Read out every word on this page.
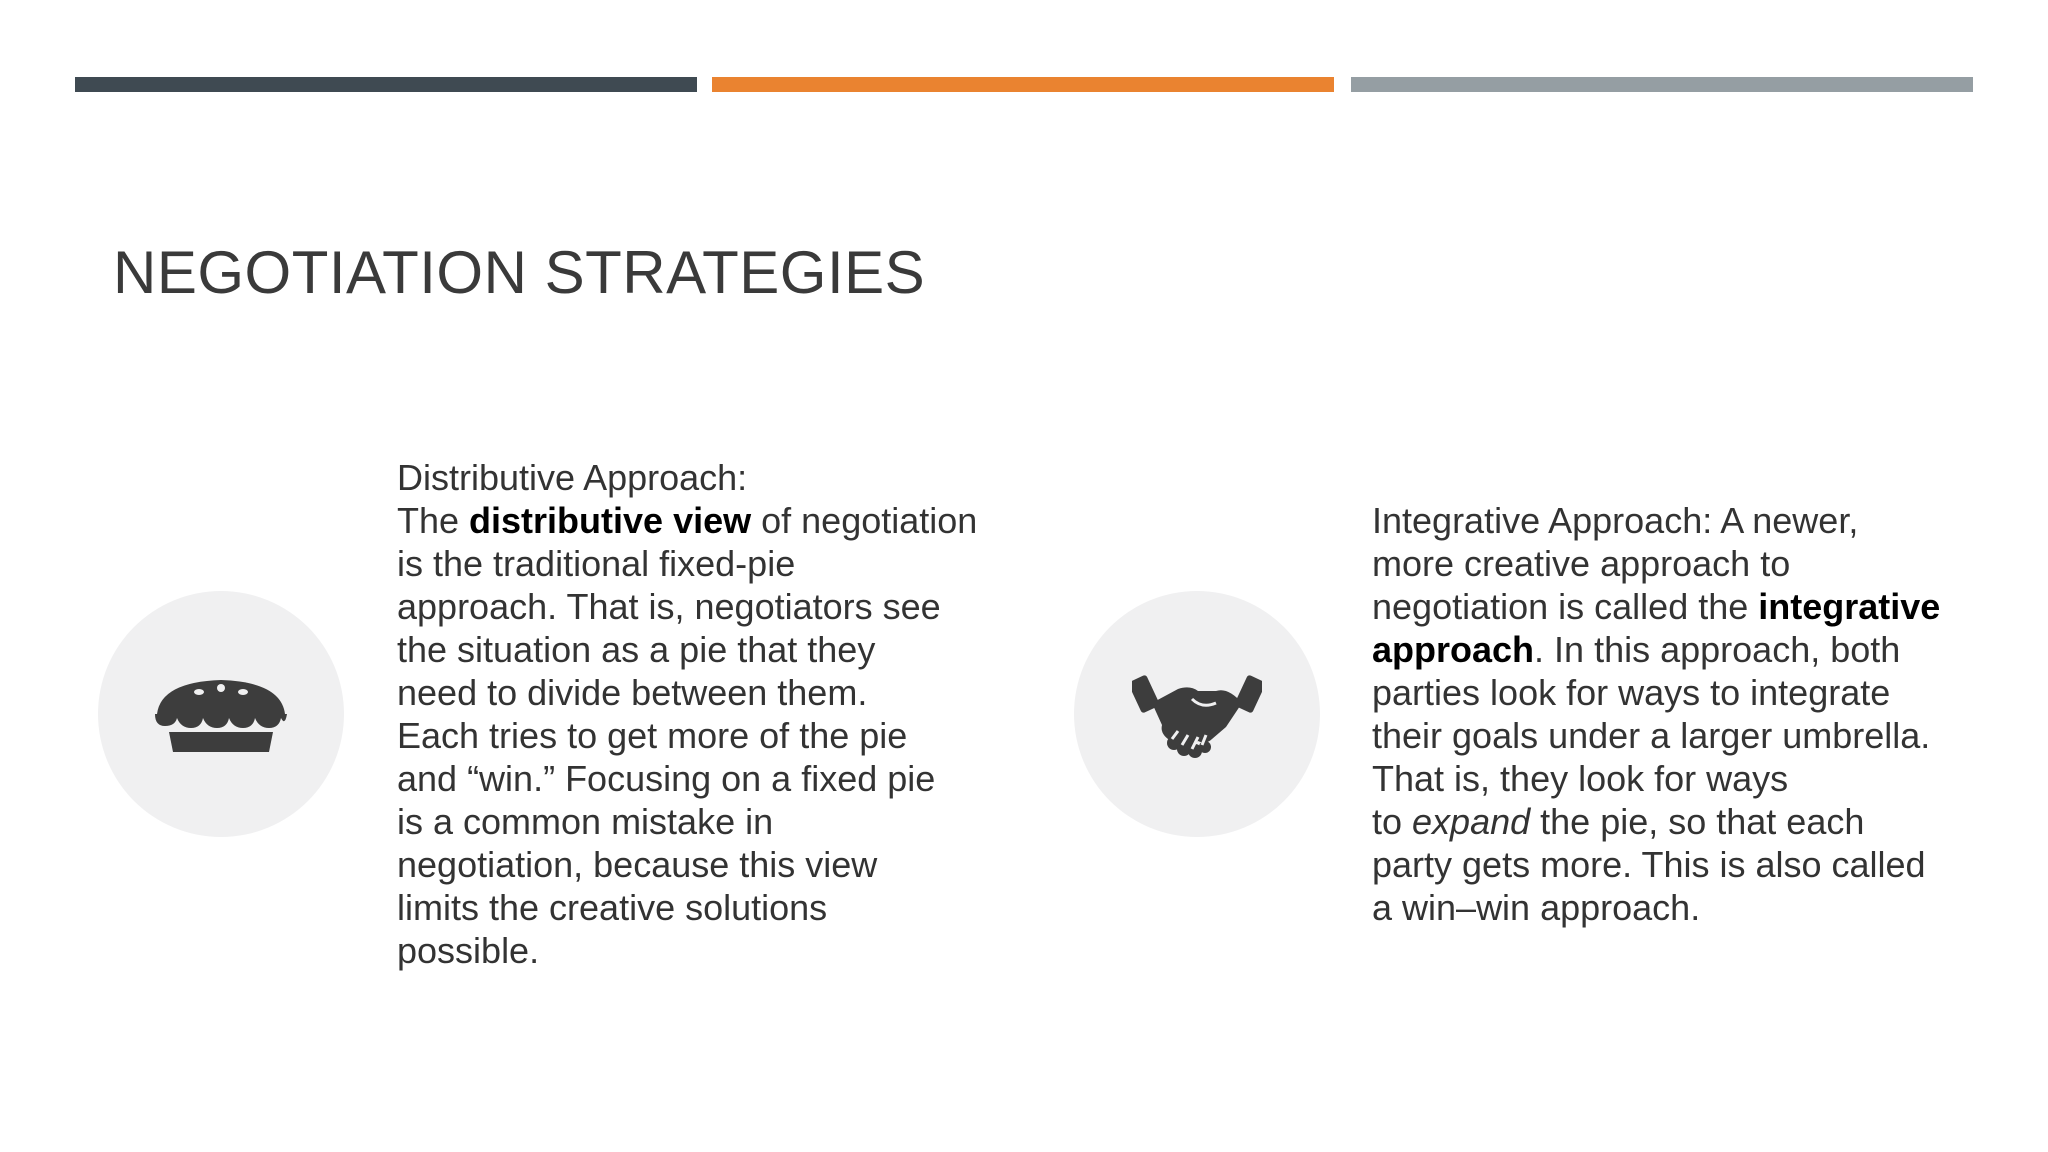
NEGOTIATION STRATEGIES
Distributive Approach:
The distributive view of negotiation
is the traditional fixed-pie
approach. That is, negotiators see
the situation as a pie that they
need to divide between them.
Each tries to get more of the pie
and “win.” Focusing on a fixed pie
is a common mistake in
negotiation, because this view
limits the creative solutions
possible.
Integrative Approach: A newer,
more creative approach to
negotiation is called the integrative
approach. In this approach, both
parties look for ways to integrate
their goals under a larger umbrella.
That is, they look for ways
to expand the pie, so that each
party gets more. This is also called
a win–win approach.
